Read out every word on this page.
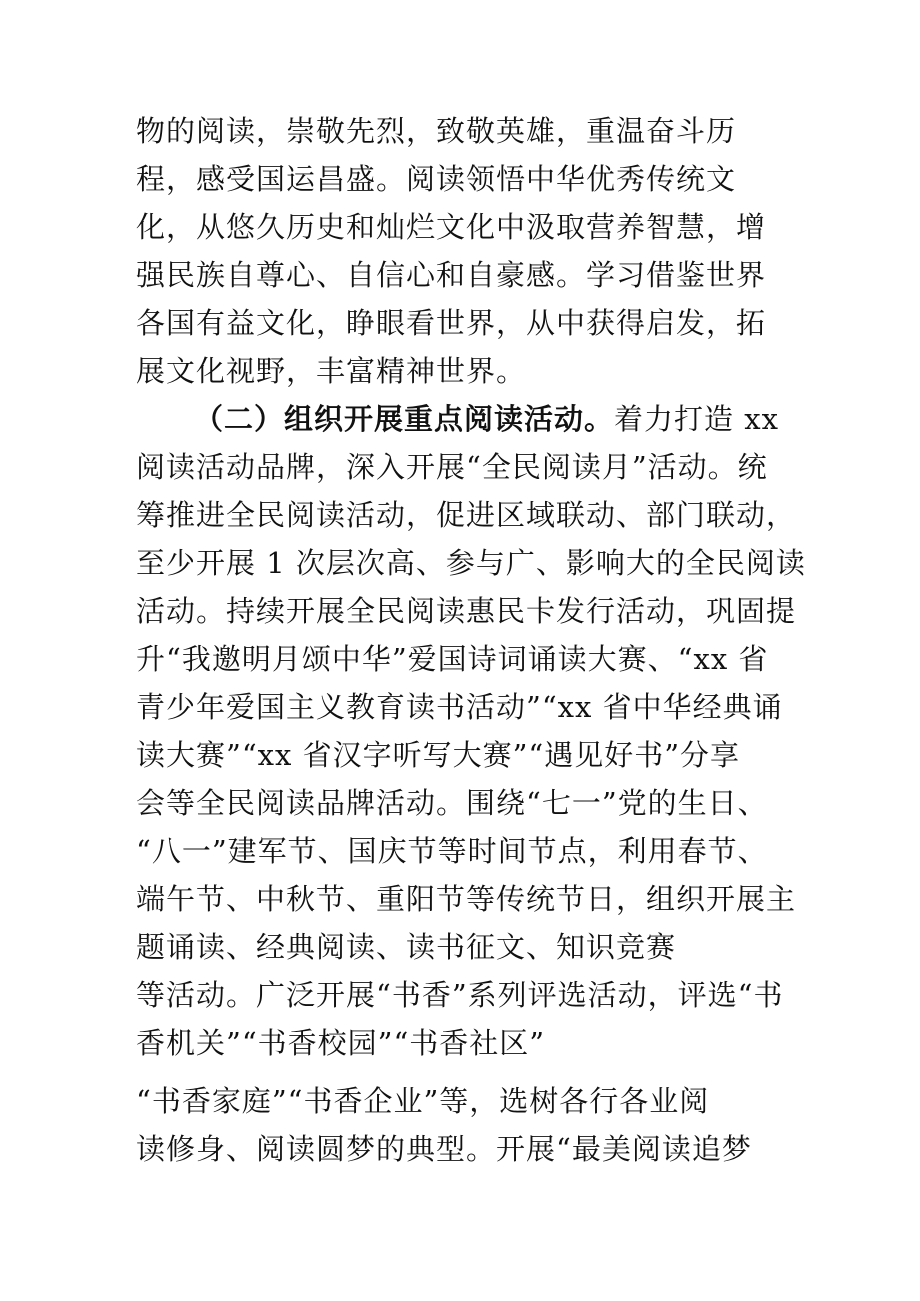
物的阅读，崇敬先烈，致敬英雄，重温奋斗历
程，感受国运昌盛。阅读领悟中华优秀传统文
化，从悠久历史和灿烂文化中汲取营养智慧，增
强民族自尊心、自信心和自豪感。学习借鉴世界
各国有益文化，睁眼看世界，从中获得启发，拓
展文化视野，丰富精神世界。
（二）组织开展重点阅读活动。着力打造 xx
阅读活动品牌，深入开展“全民阅读月”活动。统
筹推进全民阅读活动，促进区域联动、部门联动，
至少开展 1 次层次高、参与广、影响大的全民阅读
活动。持续开展全民阅读惠民卡发行活动，巩固提
升“我邀明月颂中华”爱国诗词诵读大赛、“xx 省
青少年爱国主义教育读书活动”“xx 省中华经典诵
读大赛”“xx 省汉字听写大赛”“遇见好书”分享
会等全民阅读品牌活动。围绕“七一”党的生日、
“八一”建军节、国庆节等时间节点，利用春节、
端午节、中秋节、重阳节等传统节日，组织开展主
题诵读、经典阅读、读书征文、知识竞赛
等活动。广泛开展“书香”系列评选活动，评选“书
香机关”“书香校园”“书香社区”
“书香家庭”“书香企业”等，选树各行各业阅
读修身、阅读圆梦的典型。开展“最美阅读追梦
